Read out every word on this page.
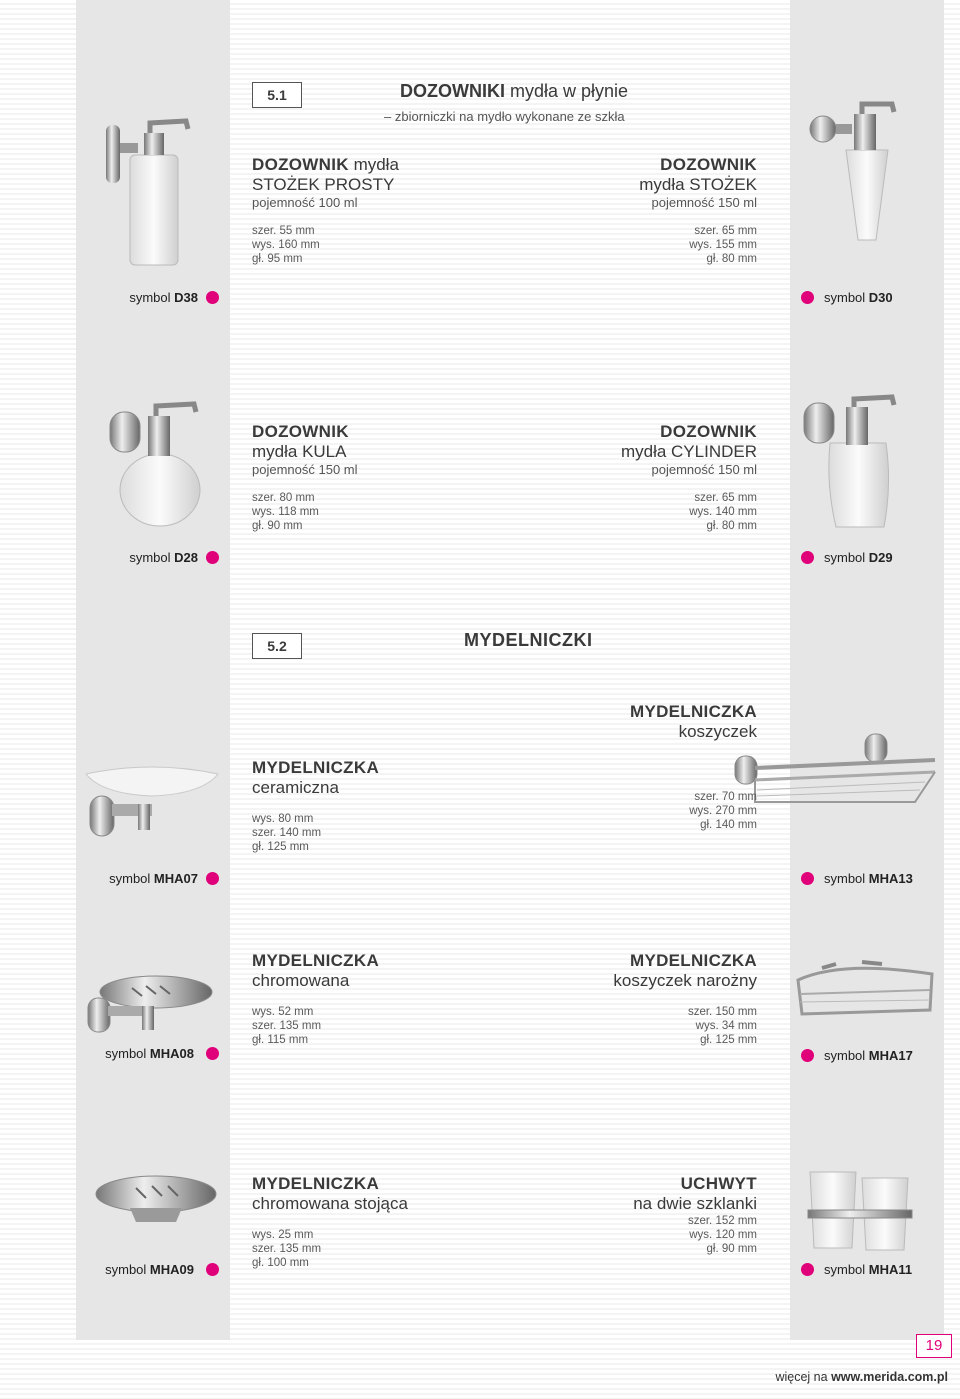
5.1	DOZOWNIKI mydła w płynie
– zbiorniczki na mydło wykonane ze szkła
DOZOWNIK mydła
STOŻEK PROSTY
pojemność 100 ml
szer. 55 mm
wys. 160 mm
gł. 95 mm
symbol D38
DOZOWNIK
mydła STOŻEK
pojemność 150 ml
szer. 65 mm
wys. 155 mm
gł. 80 mm
symbol D30
DOZOWNIK
mydła KULA
pojemność 150 ml
szer. 80 mm
wys. 118 mm
gł. 90 mm
symbol D28
DOZOWNIK
mydła CYLINDER
pojemność 150 ml
szer. 65 mm
wys. 140 mm
gł. 80 mm
symbol D29
5.2	MYDELNICZKI
MYDELNICZKA
ceramiczna
wys. 80 mm
szer. 140 mm
gł. 125 mm
symbol MHA07
MYDELNICZKA
koszyczek
szer. 70 mm
wys. 270 mm
gł. 140 mm
symbol MHA13
MYDELNICZKA
chromowana
wys. 52 mm
szer. 135 mm
gł. 115 mm
symbol MHA08
MYDELNICZKA
koszyczek narożny
szer. 150 mm
wys. 34 mm
gł. 125 mm
symbol MHA17
MYDELNICZKA
chromowana stojąca
wys. 25 mm
szer. 135 mm
gł. 100 mm
symbol MHA09
UCHWYT
na dwie szklanki
szer. 152 mm
wys. 120 mm
gł. 90 mm
symbol MHA11
19
więcej na www.merida.com.pl
